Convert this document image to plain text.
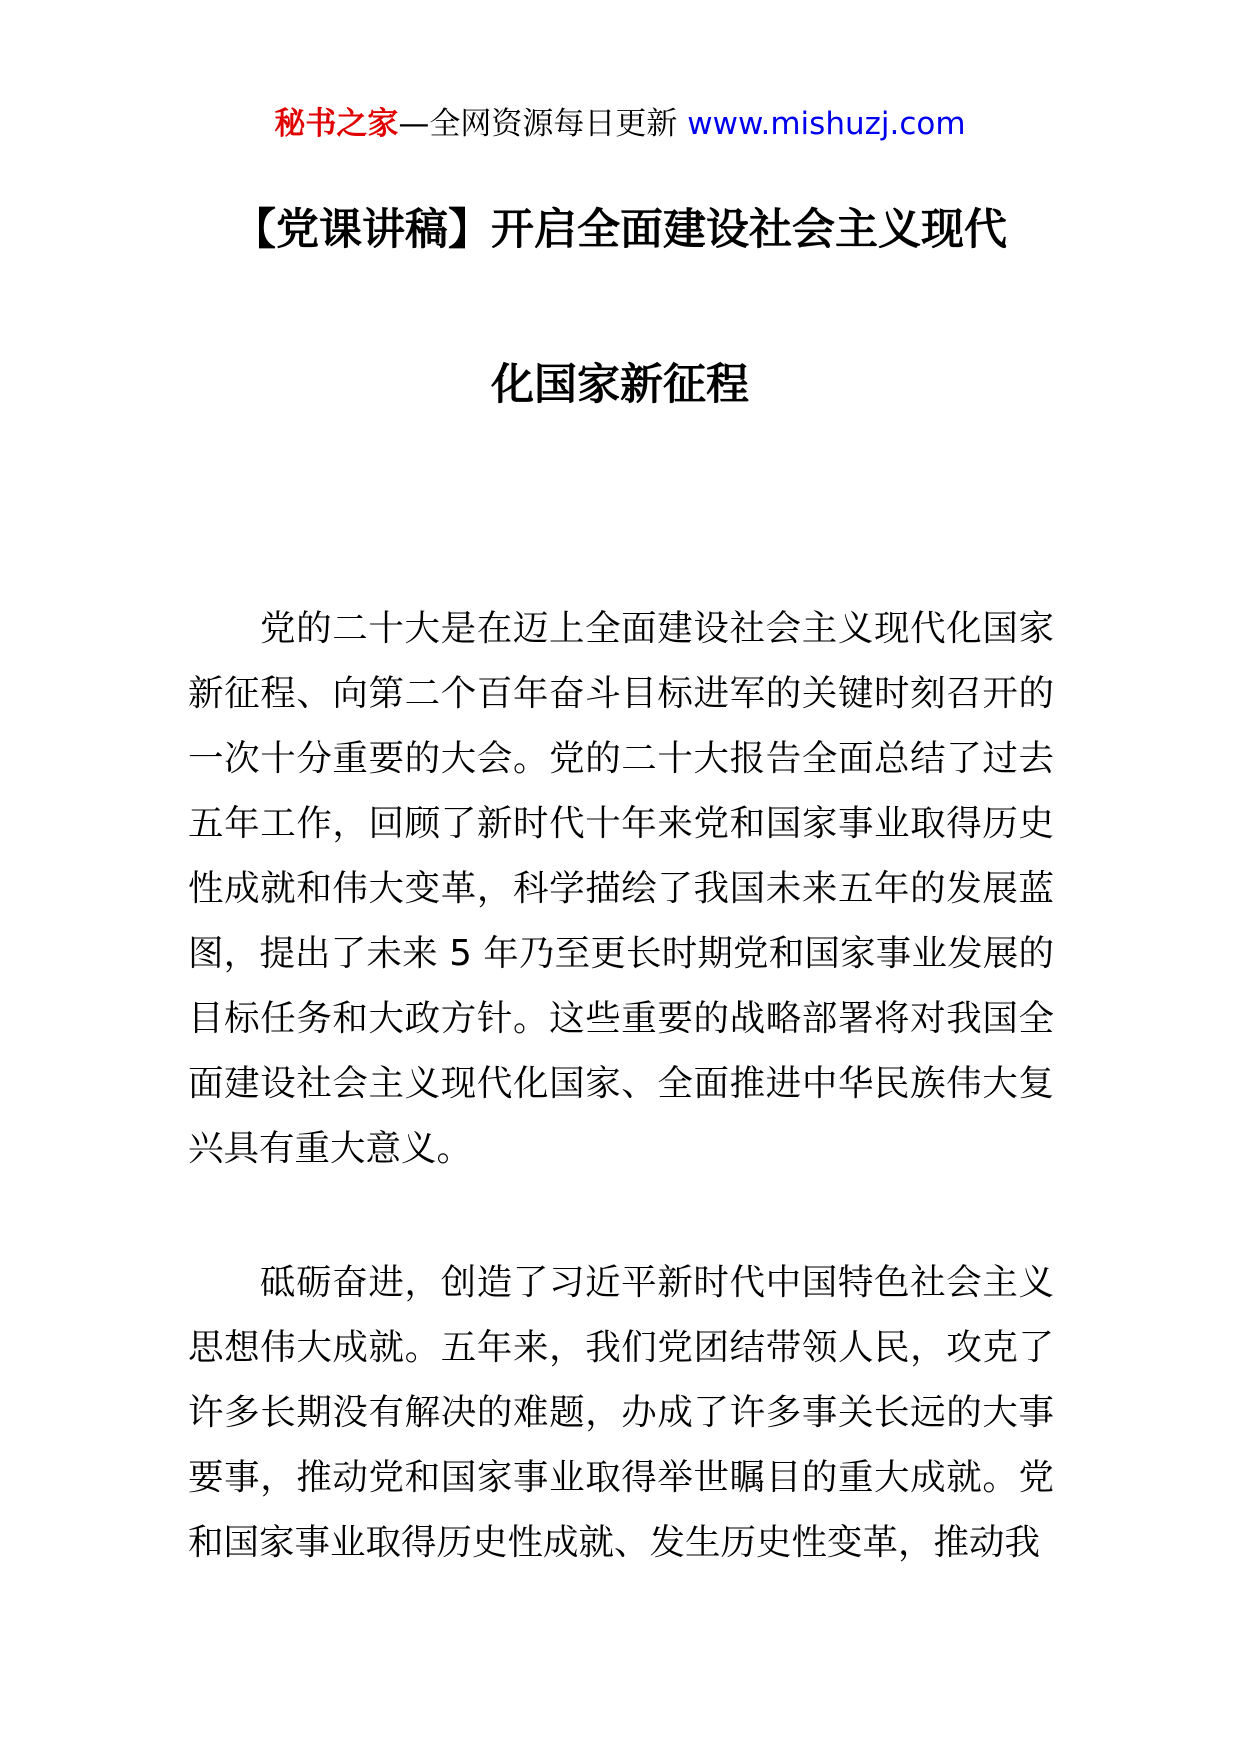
秘书之家—全网资源每日更新 www.mishuzj.com
【党课讲稿】开启全面建设社会主义现代
化国家新征程

党的二十大是在迈上全面建设社会主义现代化国家新征程、向第二个百年奋斗目标进军的关键时刻召开的一次十分重要的大会。党的二十大报告全面总结了过去五年工作，回顾了新时代十年来党和国家事业取得历史性成就和伟大变革，科学描绘了我国未来五年的发展蓝图，提出了未来 5 年乃至更长时期党和国家事业发展的目标任务和大政方针。这些重要的战略部署将对我国全面建设社会主义现代化国家、全面推进中华民族伟大复兴具有重大意义。

砥砺奋进，创造了习近平新时代中国特色社会主义思想伟大成就。五年来，我们党团结带领人民，攻克了许多长期没有解决的难题，办成了许多事关长远的大事要事，推动党和国家事业取得举世瞩目的重大成就。党和国家事业取得历史性成就、发生历史性变革，推动我
